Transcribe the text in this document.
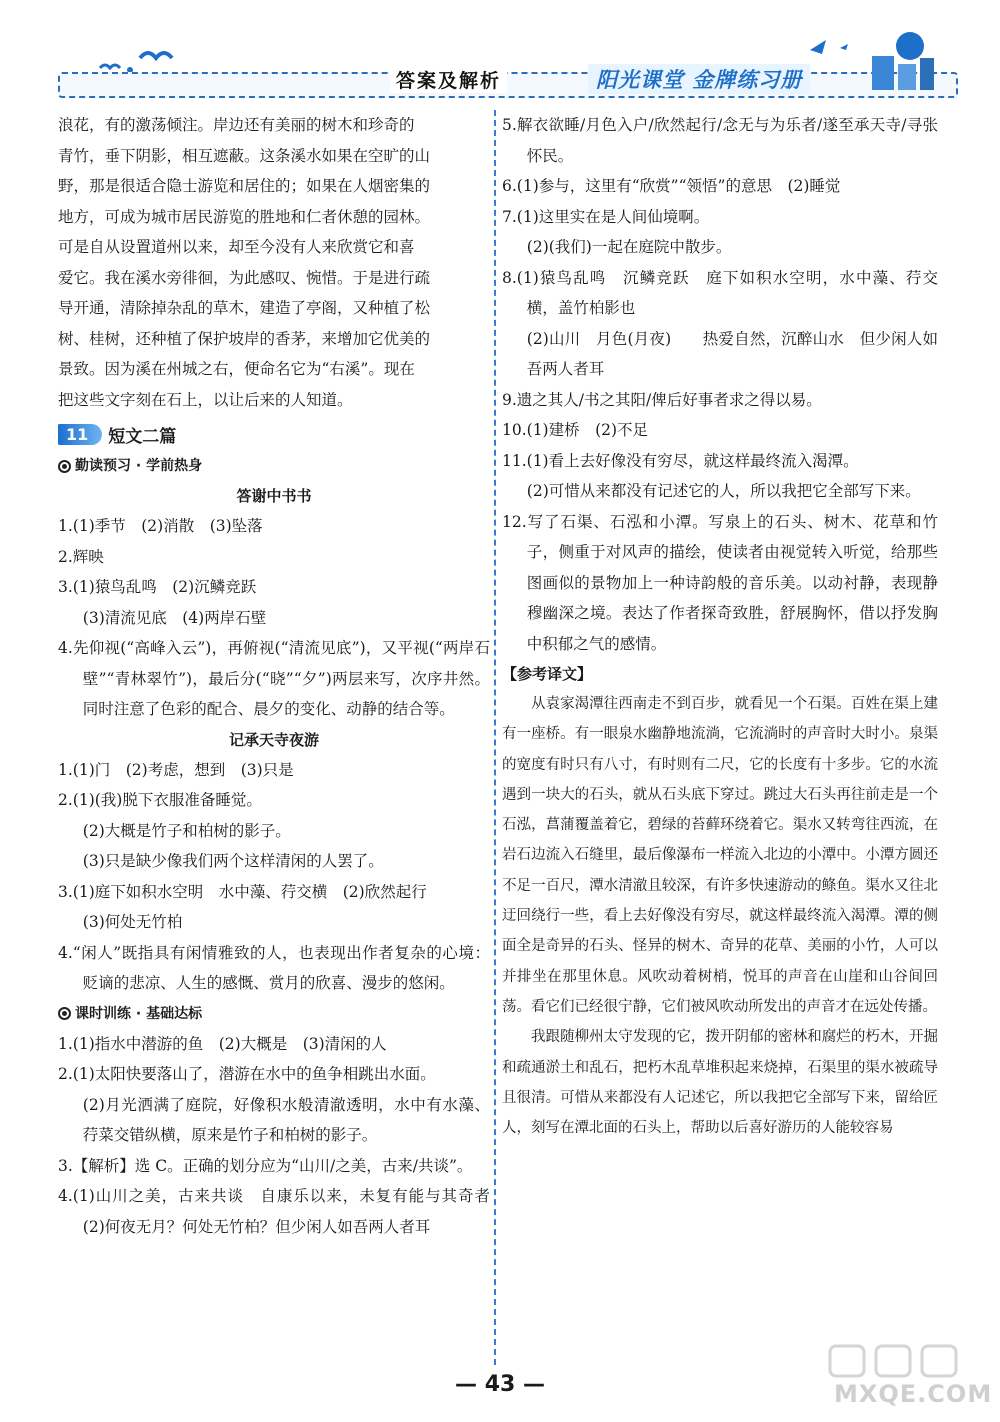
答案及解析	阳光课堂 金牌练习册
浪花，有的激荡倾注。岸边还有美丽的树木和珍奇的
青竹，垂下阴影，相互遮蔽。这条溪水如果在空旷的山
野，那是很适合隐士游览和居住的；如果在人烟密集的
地方，可成为城市居民游览的胜地和仁者休憩的园林。
可是自从设置道州以来，却至今没有人来欣赏它和喜
爱它。我在溪水旁徘徊，为此感叹、惋惜。于是进行疏
导开通，清除掉杂乱的草木，建造了亭阁，又种植了松
树、桂树，还种植了保护坡岸的香茅，来增加它优美的
景致。因为溪在州城之右，便命名它为“右溪”。现在
把这些文字刻在石上，以让后来的人知道。
11	短文二篇
勤读预习 · 学前热身
答谢中书书
1.(1)季节　(2)消散　(3)坠落
2.辉映
3.(1)猿鸟乱鸣　(2)沉鳞竞跃
(3)清流见底　(4)两岸石壁
4.先仰视(“高峰入云”)，再俯视(“清流见底”)，又平视(“两岸石壁”“青林翠竹”)，最后分(“晓”“夕”)两层来写，次序井然。同时注意了色彩的配合、晨夕的变化、动静的结合等。
记承天寺夜游
1.(1)门　(2)考虑，想到　(3)只是
2.(1)(我)脱下衣服准备睡觉。
(2)大概是竹子和柏树的影子。
(3)只是缺少像我们两个这样清闲的人罢了。
3.(1)庭下如积水空明　水中藻、荇交横　(2)欣然起行
(3)何处无竹柏
4.“闲人”既指具有闲情雅致的人，也表现出作者复杂的心境：贬谪的悲凉、人生的感慨、赏月的欣喜、漫步的悠闲。
课时训练 · 基础达标
1.(1)指水中潜游的鱼　(2)大概是　(3)清闲的人
2.(1)太阳快要落山了，潜游在水中的鱼争相跳出水面。
(2)月光洒满了庭院，好像积水般清澈透明，水中有水藻、荇菜交错纵横，原来是竹子和柏树的影子。
3.【解析】选 C。正确的划分应为“山川/之美，古来/共谈”。
4.(1)山川之美，古来共谈　自康乐以来，未复有能与其奇者　(2)何夜无月？何处无竹柏？但少闲人如吾两人者耳
5.解衣欲睡/月色入户/欣然起行/念无与为乐者/遂至承天寺/寻张怀民。
6.(1)参与，这里有“欣赏”“领悟”的意思　(2)睡觉
7.(1)这里实在是人间仙境啊。
(2)(我们)一起在庭院中散步。
8.(1)猿鸟乱鸣　沉鳞竞跃　庭下如积水空明，水中藻、荇交横，盖竹柏影也
(2)山川　月色(月夜)　　热爱自然，沉醉山水　但少闲人如吾两人者耳
9.遗之其人/书之其阳/俾后好事者求之得以易。
10.(1)建桥　(2)不足
11.(1)看上去好像没有穷尽，就这样最终流入渴潭。
(2)可惜从来都没有记述它的人，所以我把它全部写下来。
12.写了石渠、石泓和小潭。写泉上的石头、树木、花草和竹子，侧重于对风声的描绘，使读者由视觉转入听觉，给那些图画似的景物加上一种诗韵般的音乐美。以动衬静，表现静穆幽深之境。表达了作者探奇致胜，舒展胸怀，借以抒发胸中积郁之气的感情。
【参考译文】
从袁家渴潭往西南走不到百步，就看见一个石渠。百姓在渠上建有一座桥。有一眼泉水幽静地流淌，它流淌时的声音时大时小。泉渠的宽度有时只有八寸，有时则有二尺，它的长度有十多步。它的水流遇到一块大的石头，就从石头底下穿过。跳过大石头再往前走是一个石泓，菖蒲覆盖着它，碧绿的苔藓环绕着它。渠水又转弯往西流，在岩石边流入石缝里，最后像瀑布一样流入北边的小潭中。小潭方圆还不足一百尺，潭水清澈且较深，有许多快速游动的鲦鱼。渠水又往北迂回绕行一些，看上去好像没有穷尽，就这样最终流入渴潭。潭的侧面全是奇异的石头、怪异的树木、奇异的花草、美丽的小竹，人可以并排坐在那里休息。风吹动着树梢，悦耳的声音在山崖和山谷间回荡。看它们已经很宁静，它们被风吹动所发出的声音才在远处传播。
我跟随柳州太守发现的它，拨开阴郁的密林和腐烂的朽木，开掘和疏通淤土和乱石，把朽木乱草堆积起来烧掉，石渠里的渠水被疏导且很清。可惜从来都没有人记述它，所以我把它全部写下来，留给匠人，刻写在潭北面的石头上，帮助以后喜好游历的人能较容易
— 43 —	MXQE.COM
